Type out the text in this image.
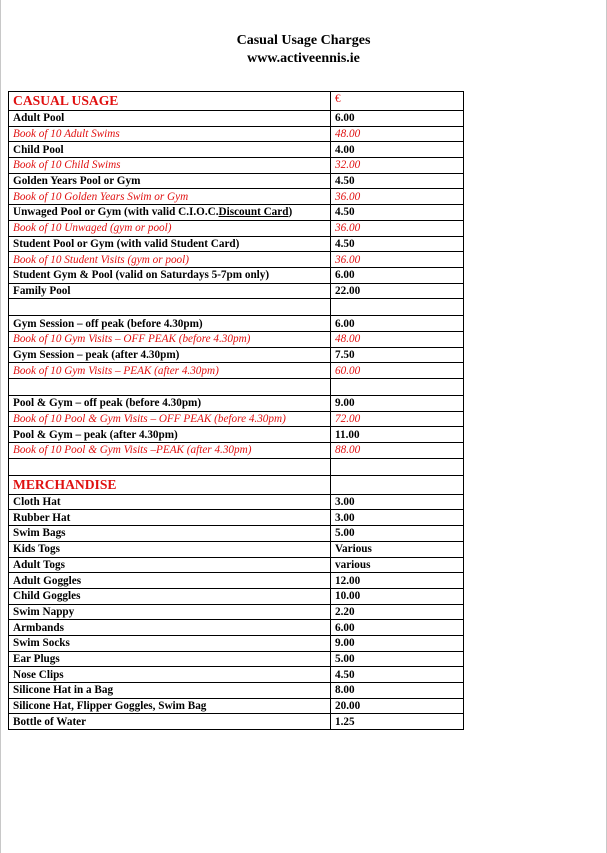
Casual Usage Charges
www.activeennis.ie
CASUAL USAGE	€
Adult Pool	6.00
Book of 10 Adult Swims	48.00
Child Pool	4.00
Book of 10 Child Swims	32.00
Golden Years Pool or Gym	4.50
Book of 10 Golden Years Swim or Gym	36.00
Unwaged Pool or Gym (with valid C.I.O.C.Discount Card)	4.50
Book of 10 Unwaged (gym or pool)	36.00
Student Pool or Gym (with valid Student Card)	4.50
Book of 10 Student Visits (gym or pool)	36.00
Student Gym & Pool (valid on Saturdays 5-7pm only)	6.00
Family Pool	22.00

Gym Session – off peak (before 4.30pm)	6.00
Book of 10 Gym Visits – OFF PEAK (before 4.30pm)	48.00
Gym Session – peak (after 4.30pm)	7.50
Book of 10 Gym Visits – PEAK (after 4.30pm)	60.00

Pool & Gym – off peak (before 4.30pm)	9.00
Book of 10 Pool & Gym Visits – OFF PEAK (before 4.30pm)	72.00
Pool & Gym – peak (after 4.30pm)	11.00
Book of 10 Pool & Gym Visits –PEAK (after 4.30pm)	88.00

MERCHANDISE	
Cloth Hat	3.00
Rubber Hat	3.00
Swim Bags	5.00
Kids Togs	Various
Adult Togs	various
Adult Goggles	12.00
Child Goggles	10.00
Swim Nappy	2.20
Armbands	6.00
Swim Socks	9.00
Ear Plugs	5.00
Nose Clips	4.50
Silicone Hat in a Bag	8.00
Silicone Hat, Flipper Goggles, Swim Bag	20.00
Bottle of Water	1.25
